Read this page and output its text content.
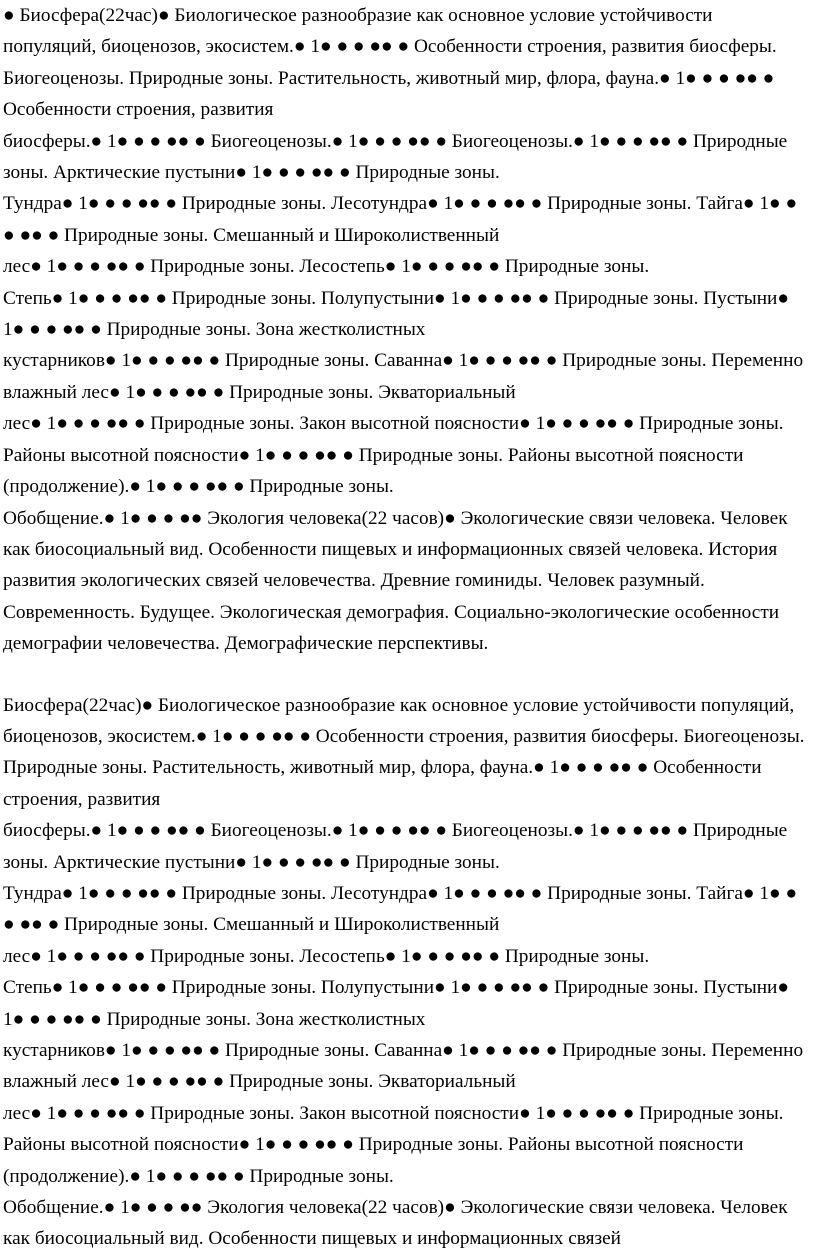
● Биосфера(22час)● Биологическое разнообразие как основное условие устойчивости популяций, биоценозов, экосистем.● 1● ● ● ●● ● Особенности строения, развития биосферы. Биогеоценозы. Природные зоны. Растительность, животный мир, флора, фауна.● 1● ● ● ●● ● Особенности строения, развития
биосферы.● 1● ● ● ●● ● Биогеоценозы.● 1● ● ● ●● ● Биогеоценозы.● 1● ● ● ●● ● Природные зоны. Арктические пустыни● 1● ● ● ●● ● Природные зоны.
Тундра● 1● ● ● ●● ● Природные зоны. Лесотундра● 1● ● ● ●● ● Природные зоны. Тайга● 1● ● ● ●● ● Природные зоны. Смешанный и Широколиственный
лес● 1● ● ● ●● ● Природные зоны. Лесостепь● 1● ● ● ●● ● Природные зоны.
Степь● 1● ● ● ●● ● Природные зоны. Полупустыни● 1● ● ● ●● ● Природные зоны. Пустыни● 1● ● ● ●● ● Природные зоны. Зона жестколистных
кустарников● 1● ● ● ●● ● Природные зоны. Саванна● 1● ● ● ●● ● Природные зоны. Переменно влажный лес● 1● ● ● ●● ● Природные зоны. Экваториальный
лес● 1● ● ● ●● ● Природные зоны. Закон высотной поясности● 1● ● ● ●● ● Природные зоны. Районы высотной поясности● 1● ● ● ●● ● Природные зоны. Районы высотной поясности (продолжение).● 1● ● ● ●● ● Природные зоны.
Обобщение.● 1● ● ● ●● Экология человека(22 часов)● Экологические связи человека. Человек как биосоциальный вид. Особенности пищевых и информационных связей человека. История развития экологических связей человечества. Древние гоминиды. Человек разумный. Современность. Будущее. Экологическая демография. Социально-экологические особенности демографии человечества. Демографические перспективы.

Биосфера(22час)● Биологическое разнообразие как основное условие устойчивости популяций, биоценозов, экосистем.● 1● ● ● ●● ● Особенности строения, развития биосферы. Биогеоценозы. Природные зоны. Растительность, животный мир, флора, фауна.● 1● ● ● ●● ● Особенности строения, развития
биосферы.● 1● ● ● ●● ● Биогеоценозы.● 1● ● ● ●● ● Биогеоценозы.● 1● ● ● ●● ● Природные зоны. Арктические пустыни● 1● ● ● ●● ● Природные зоны.
Тундра● 1● ● ● ●● ● Природные зоны. Лесотундра● 1● ● ● ●● ● Природные зоны. Тайга● 1● ● ● ●● ● Природные зоны. Смешанный и Широколиственный
лес● 1● ● ● ●● ● Природные зоны. Лесостепь● 1● ● ● ●● ● Природные зоны.
Степь● 1● ● ● ●● ● Природные зоны. Полупустыни● 1● ● ● ●● ● Природные зоны. Пустыни● 1● ● ● ●● ● Природные зоны. Зона жестколистных
кустарников● 1● ● ● ●● ● Природные зоны. Саванна● 1● ● ● ●● ● Природные зоны. Переменно влажный лес● 1● ● ● ●● ● Природные зоны. Экваториальный
лес● 1● ● ● ●● ● Природные зоны. Закон высотной поясности● 1● ● ● ●● ● Природные зоны. Районы высотной поясности● 1● ● ● ●● ● Природные зоны. Районы высотной поясности (продолжение).● 1● ● ● ●● ● Природные зоны.
Обобщение.● 1● ● ● ●● Экология человека(22 часов)● Экологические связи человека. Человек как биосоциальный вид. Особенности пищевых и информационных связей
